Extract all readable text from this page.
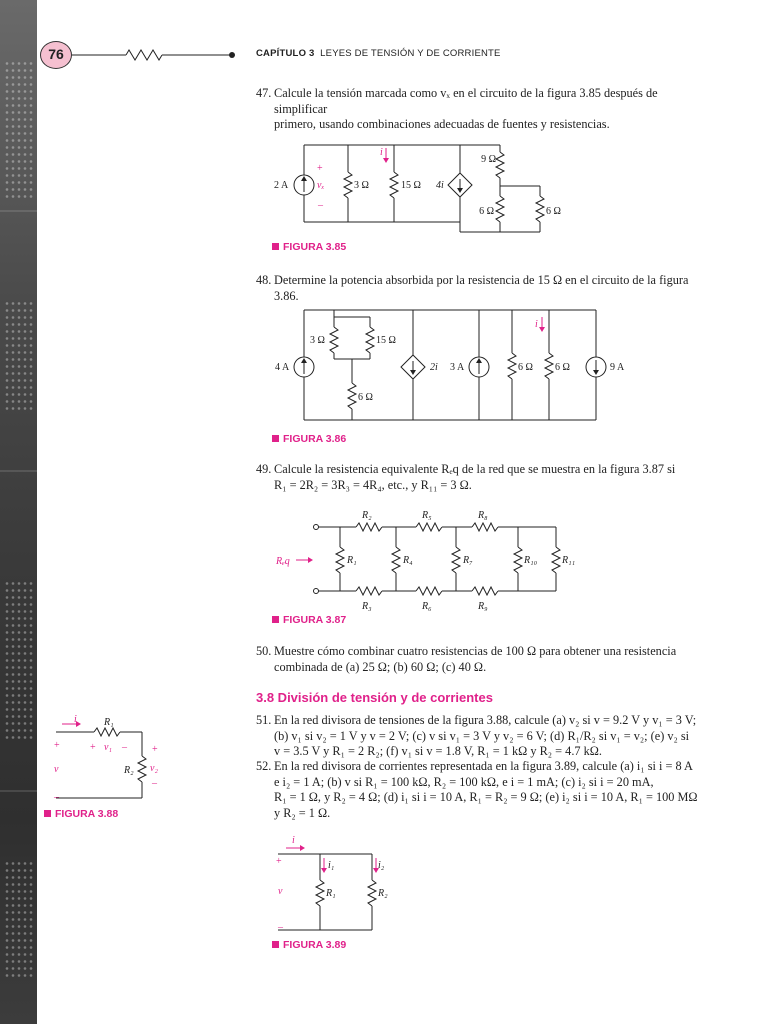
76	CAPÍTULO 3 LEYES DE TENSIÓN Y DE CORRIENTE
47. Calcule la tensión marcada como vₓ en el circuito de la figura 3.85 después de simplificar
primero, usando combinaciones adecuadas de fuentes y resistencias.
2 A
+
vₓ
–
3 Ω	15 Ω 4i
i
9 Ω
6 Ω	6 Ω
FIGURA 3.85
48. Determine la potencia absorbida por la resistencia de 15 Ω en el circuito de la figura 3.86.
4 A
3 Ω	15 Ω
6 Ω
2i 3 A	6 Ω 6 Ω	9 A
i
FIGURA 3.86
49. Calcule la resistencia equivalente Rₑq de la red que se muestra en la figura 3.87 si
R₁ = 2R₂ = 3R₃ = 4R₄, etc., y R₁₁ = 3 Ω.
Rₑq
R₂	R₅	R₈
R₁	R₄	R₇	R₁₀ R₁₁
R₃	R₆	R₉
FIGURA 3.87
50. Muestre cómo combinar cuatro resistencias de 100 Ω para obtener una resistencia
combinada de (a) 25 Ω; (b) 60 Ω; (c) 40 Ω.
3.8 División de tensión y de corrientes
51. En la red divisora de tensiones de la figura 3.88, calcule (a) v₂ si v = 9.2 V y v₁ = 3 V;
(b) v₁ si v₂ = 1 V y v = 2 V; (c) v si v₁ = 3 V y v₂ = 6 V; (d) R₁/R₂ si v₁ = v₂; (e) v₂ si
v = 3.5 V y R₁ = 2 R₂; (f) v₁ si v = 1.8 V, R₁ = 1 kΩ y R₂ = 4.7 kΩ.
52. En la red divisora de corrientes representada en la figura 3.89, calcule (a) i₁ si i = 8 A
e i₂ = 1 A; (b) v si R₁ = 100 kΩ, R₂ = 100 kΩ, e i = 1 mA; (c) i₂ si i = 20 mA,
R₁ = 1 Ω, y R₂ = 4 Ω; (d) i₁ si i = 10 A, R₁ = R₂ = 9 Ω; (e) i₂ si i = 10 A, R₁ = 100 MΩ
y R₂ = 1 Ω.
i	R₁
+
v
–
+ v₁ –	+
v₂
–
R₂
FIGURA 3.88
i
i₁	i₂
+
v
–
R₁	R₂
FIGURA 3.89
